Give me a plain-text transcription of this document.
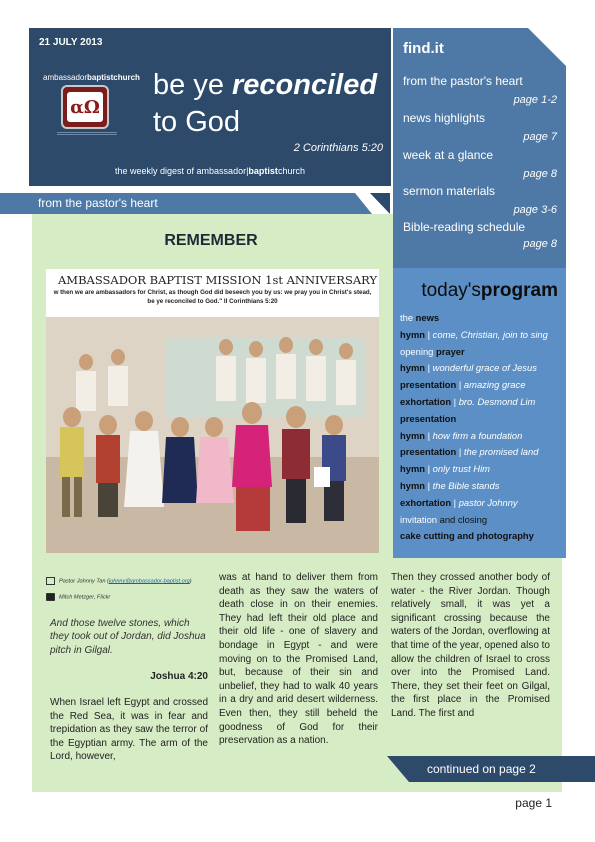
21 JULY 2013
ambassadorbaptistchurch
αΩ
be ye reconciled
to God
2 Corinthians 5:20
the weekly digest of ambassador|baptistchurch
from the pastor's heart
find.it
from the pastor's heart
page 1-2
news highlights
page 7
week at a glance
page 8
sermon materials
page 3-6
Bible-reading schedule
page 8
today'sprogram
the news
hymn | come, Christian, join to sing
opening prayer
hymn | wonderful grace of Jesus
presentation | amazing grace
exhortation | bro. Desmond Lim
presentation
hymn | how firm a foundation
presentation | the promised land
hymn | only trust Him
hymn | the Bible stands
exhortation | pastor Johnny
invitation and closing
cake cutting and photography
REMEMBER
AMBASSADOR BAPTIST MISSION 1st ANNIVERSARY
w then we are ambassadors for Christ, as though God did beseech you by us: we pray you in Christ's stead,
be ye reconciled to God." II Corinthians 5:20
Pastor Johnny Tan (johnny@ambassador-baptist.org)
Mitch Metzger, Flickr
And those twelve stones, which they took out of Jordan, did Joshua pitch in Gilgal.
Joshua 4:20
When Israel left Egypt and crossed the Red Sea, it was in fear and trepidation as they saw the terror of the Egyptian army. The arm of the Lord, however,
was at hand to deliver them from death as they saw the waters of death close in on their enemies. They had left their old place and their old life - one of slavery and bondage in Egypt - and were moving on to the Promised Land, but, because of their sin and unbelief, they had to walk 40 years in a dry and arid desert wilderness. Even then, they still beheld the goodness of God for their preservation as a nation.
Then they crossed another body of water - the River Jordan. Though relatively small, it was yet a significant crossing because the waters of the Jordan, overflowing at that time of the year, opened also to allow the children of Israel to cross over into the Promised Land. There, they set their feet on Gilgal, the first place in the Promised Land. The first and
continued on page 2
page 1
